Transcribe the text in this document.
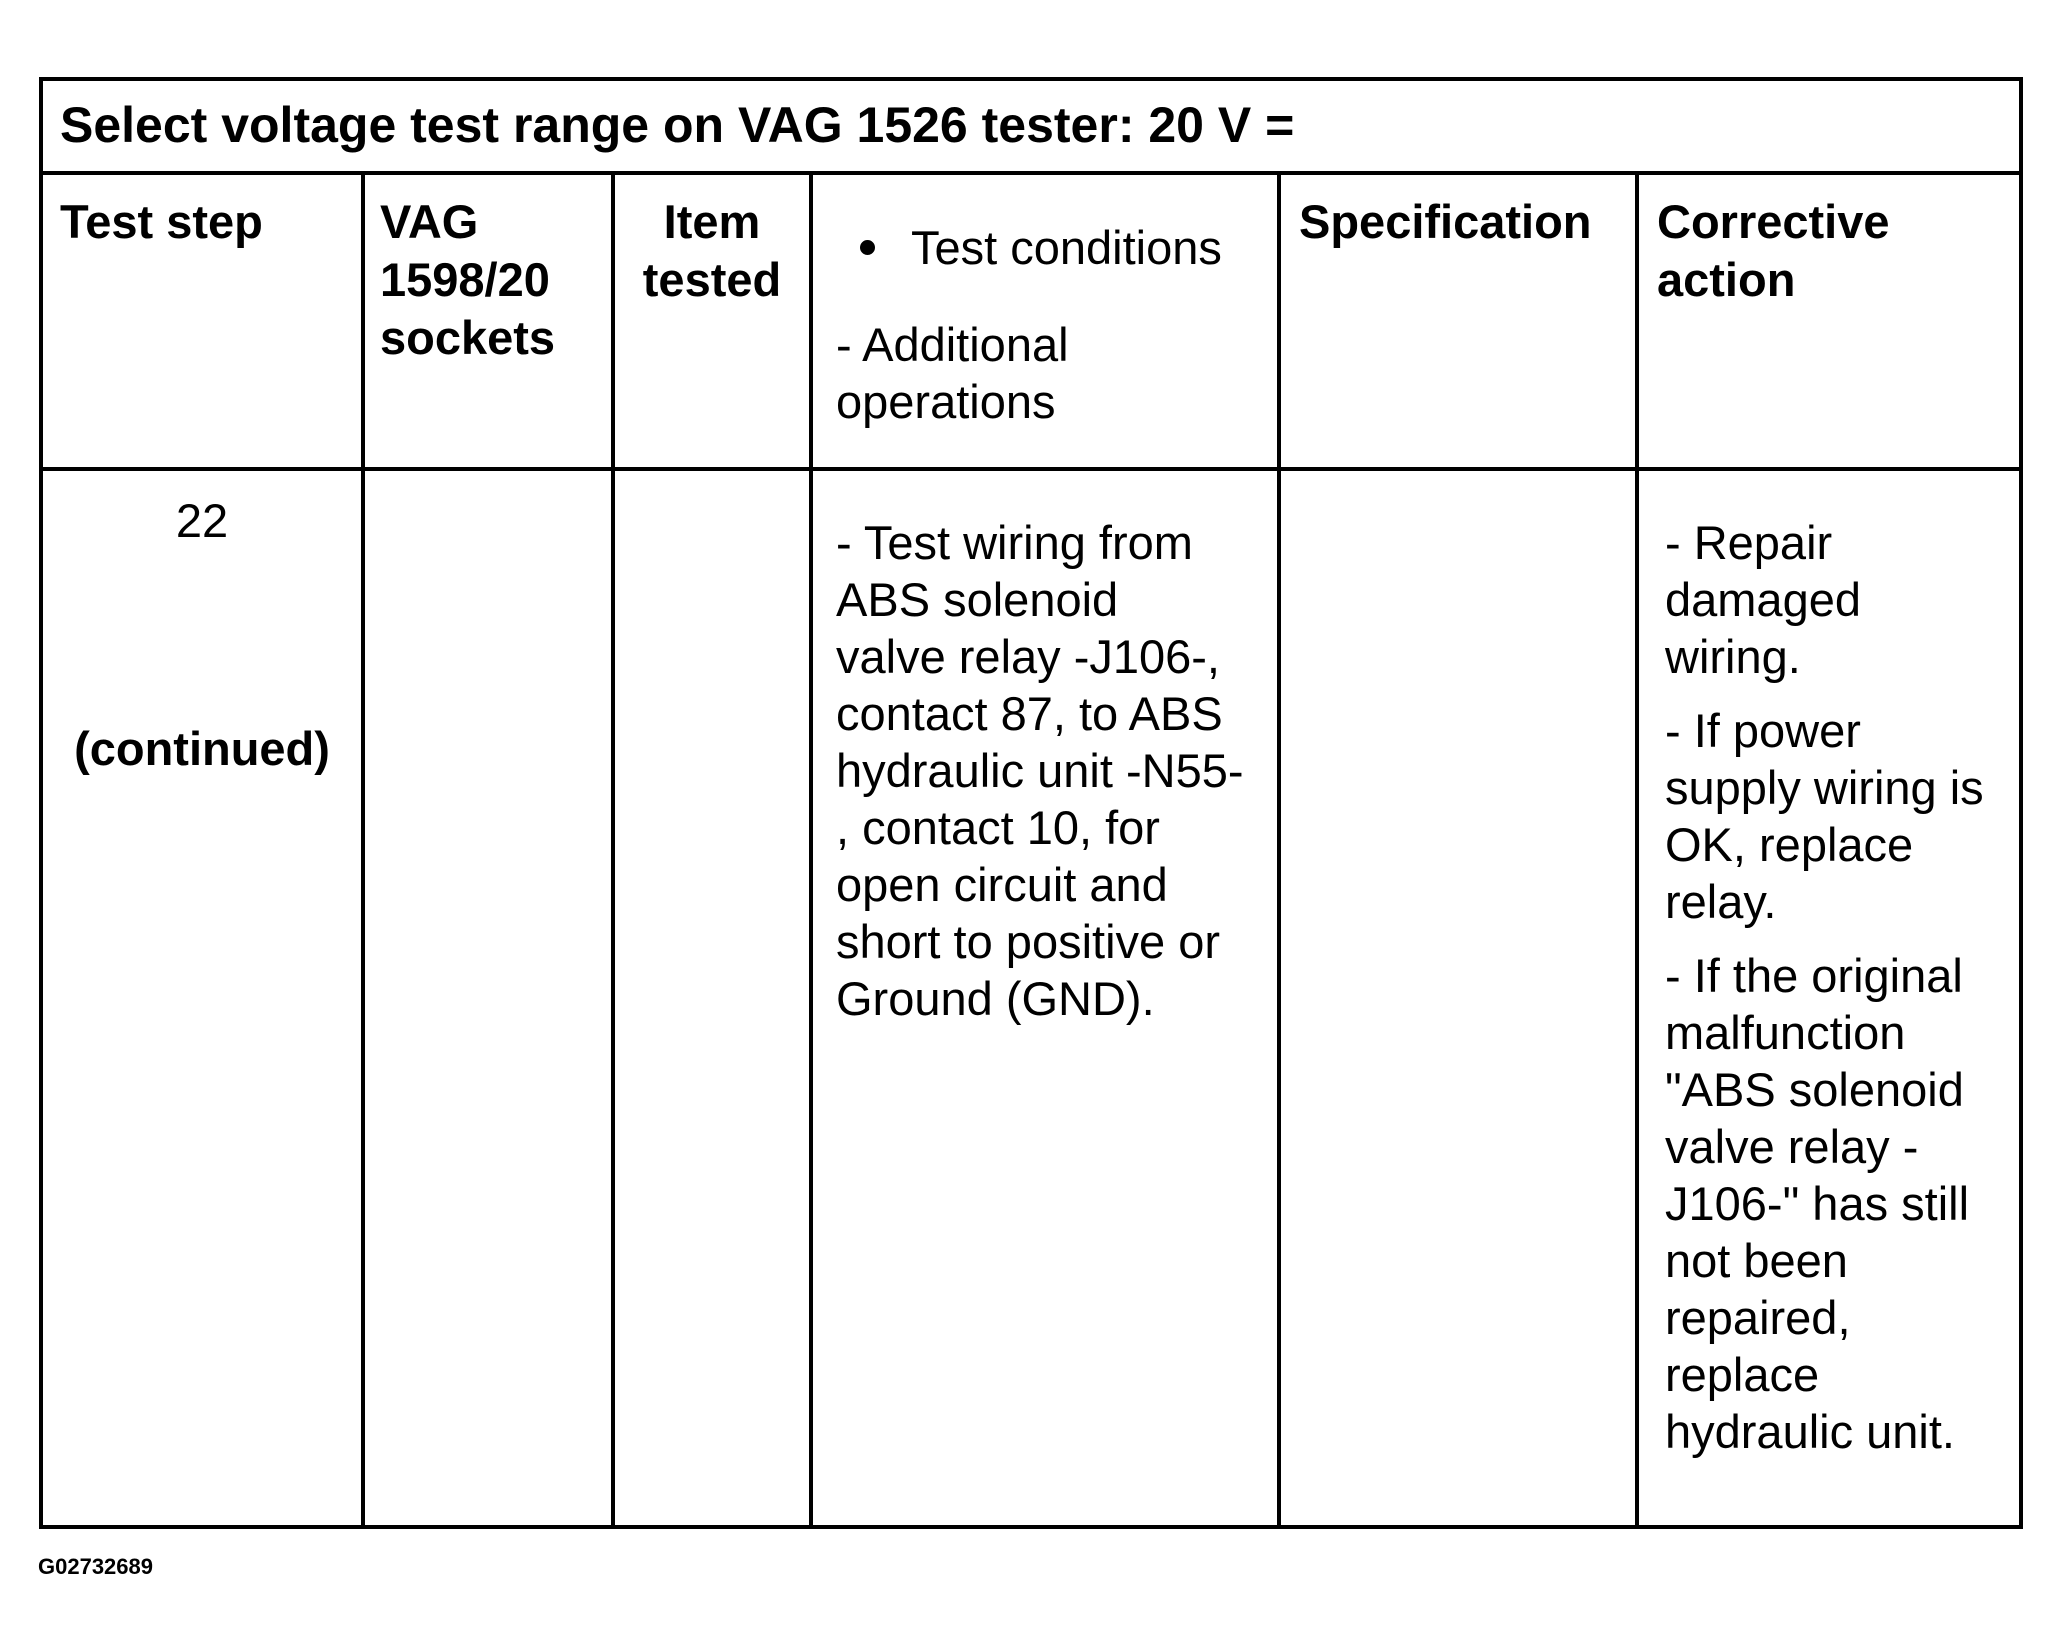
Select voltage test range on VAG 1526 tester: 20 V =
Test step VAG
1598/20
sockets
Item
tested
Test conditions
- Additional
operations
Specification Corrective
action
22
(continued)
- Test wiring from
ABS solenoid
valve relay -J106-,
contact 87, to ABS
hydraulic unit -N55-
, contact 10, for
open circuit and
short to positive or
Ground (GND).
- Repair
damaged
wiring.
- If power
supply wiring is
OK, replace
relay.
- If the original
malfunction
"ABS solenoid
valve relay -
J106-" has still
not been
repaired,
replace
hydraulic unit.
G02732689
